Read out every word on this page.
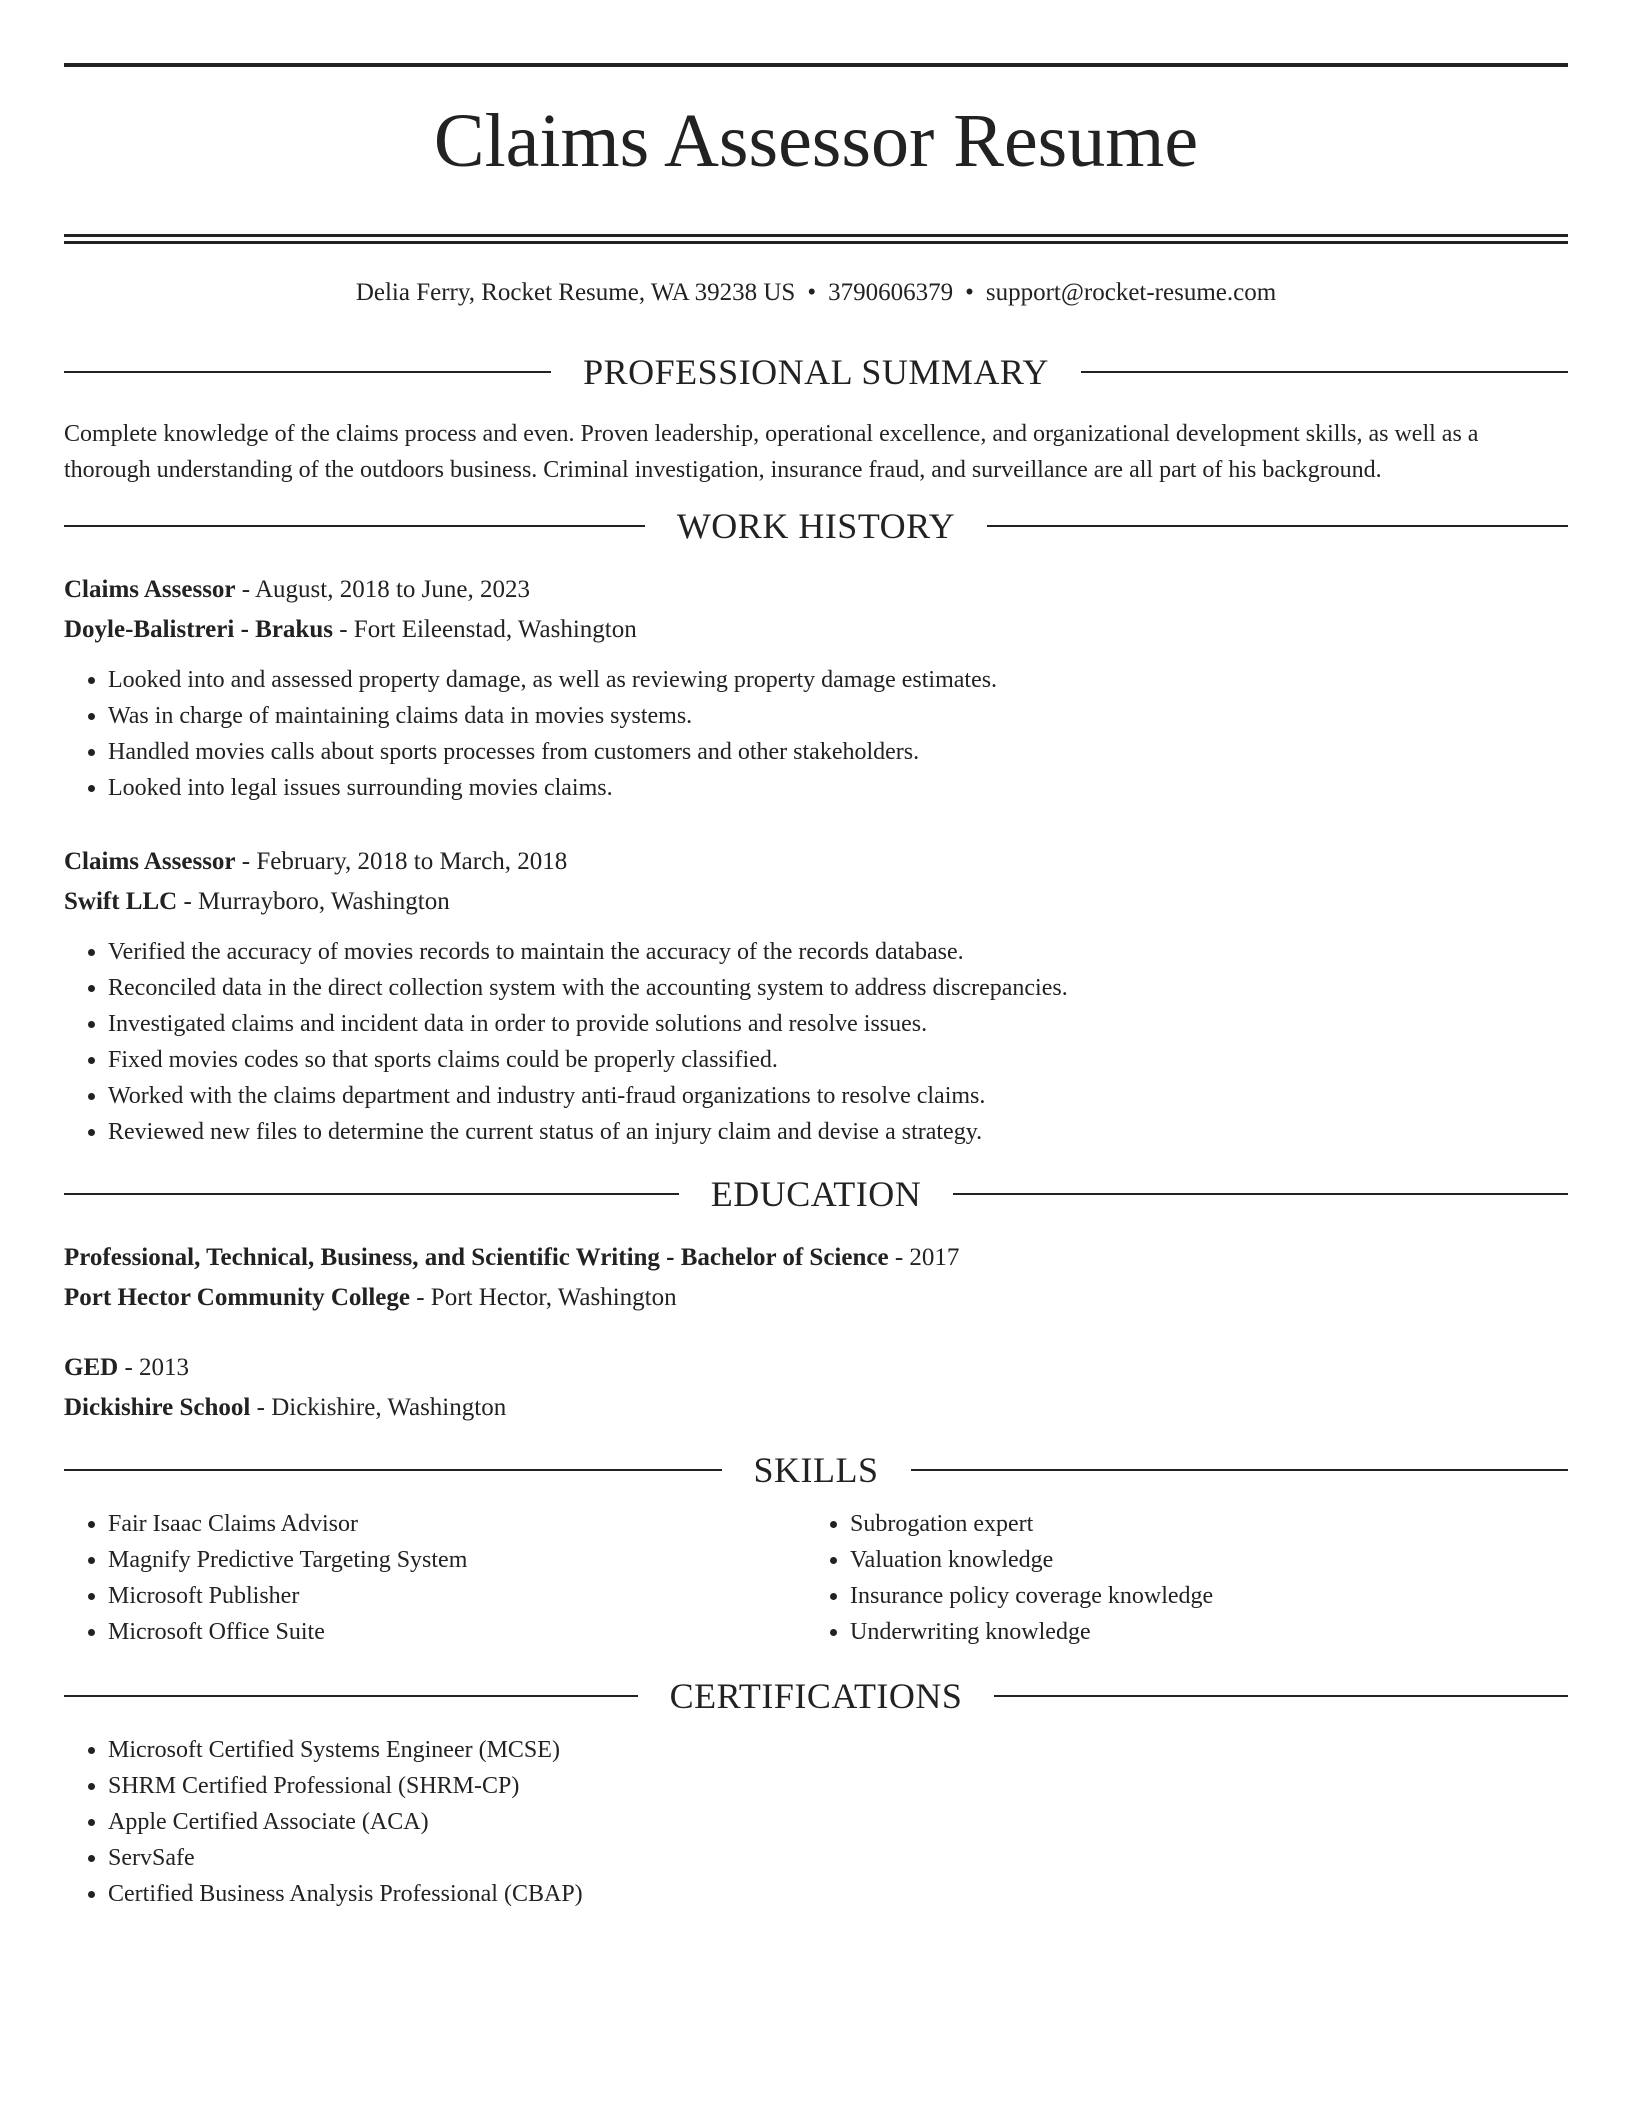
Claims Assessor Resume
Delia Ferry, Rocket Resume, WA 39238 US • 3790606379 • support@rocket-resume.com
PROFESSIONAL SUMMARY
Complete knowledge of the claims process and even. Proven leadership, operational excellence, and organizational development skills, as well as a thorough understanding of the outdoors business. Criminal investigation, insurance fraud, and surveillance are all part of his background.
WORK HISTORY
Claims Assessor - August, 2018 to June, 2023
Doyle-Balistreri - Brakus - Fort Eileenstad, Washington
• Looked into and assessed property damage, as well as reviewing property damage estimates.
• Was in charge of maintaining claims data in movies systems.
• Handled movies calls about sports processes from customers and other stakeholders.
• Looked into legal issues surrounding movies claims.
Claims Assessor - February, 2018 to March, 2018
Swift LLC - Murrayboro, Washington
• Verified the accuracy of movies records to maintain the accuracy of the records database.
• Reconciled data in the direct collection system with the accounting system to address discrepancies.
• Investigated claims and incident data in order to provide solutions and resolve issues.
• Fixed movies codes so that sports claims could be properly classified.
• Worked with the claims department and industry anti-fraud organizations to resolve claims.
• Reviewed new files to determine the current status of an injury claim and devise a strategy.
EDUCATION
Professional, Technical, Business, and Scientific Writing - Bachelor of Science - 2017
Port Hector Community College - Port Hector, Washington
GED - 2013
Dickishire School - Dickishire, Washington
SKILLS
• Fair Isaac Claims Advisor
• Magnify Predictive Targeting System
• Microsoft Publisher
• Microsoft Office Suite
• Subrogation expert
• Valuation knowledge
• Insurance policy coverage knowledge
• Underwriting knowledge
CERTIFICATIONS
• Microsoft Certified Systems Engineer (MCSE)
• SHRM Certified Professional (SHRM-CP)
• Apple Certified Associate (ACA)
• ServSafe
• Certified Business Analysis Professional (CBAP)
